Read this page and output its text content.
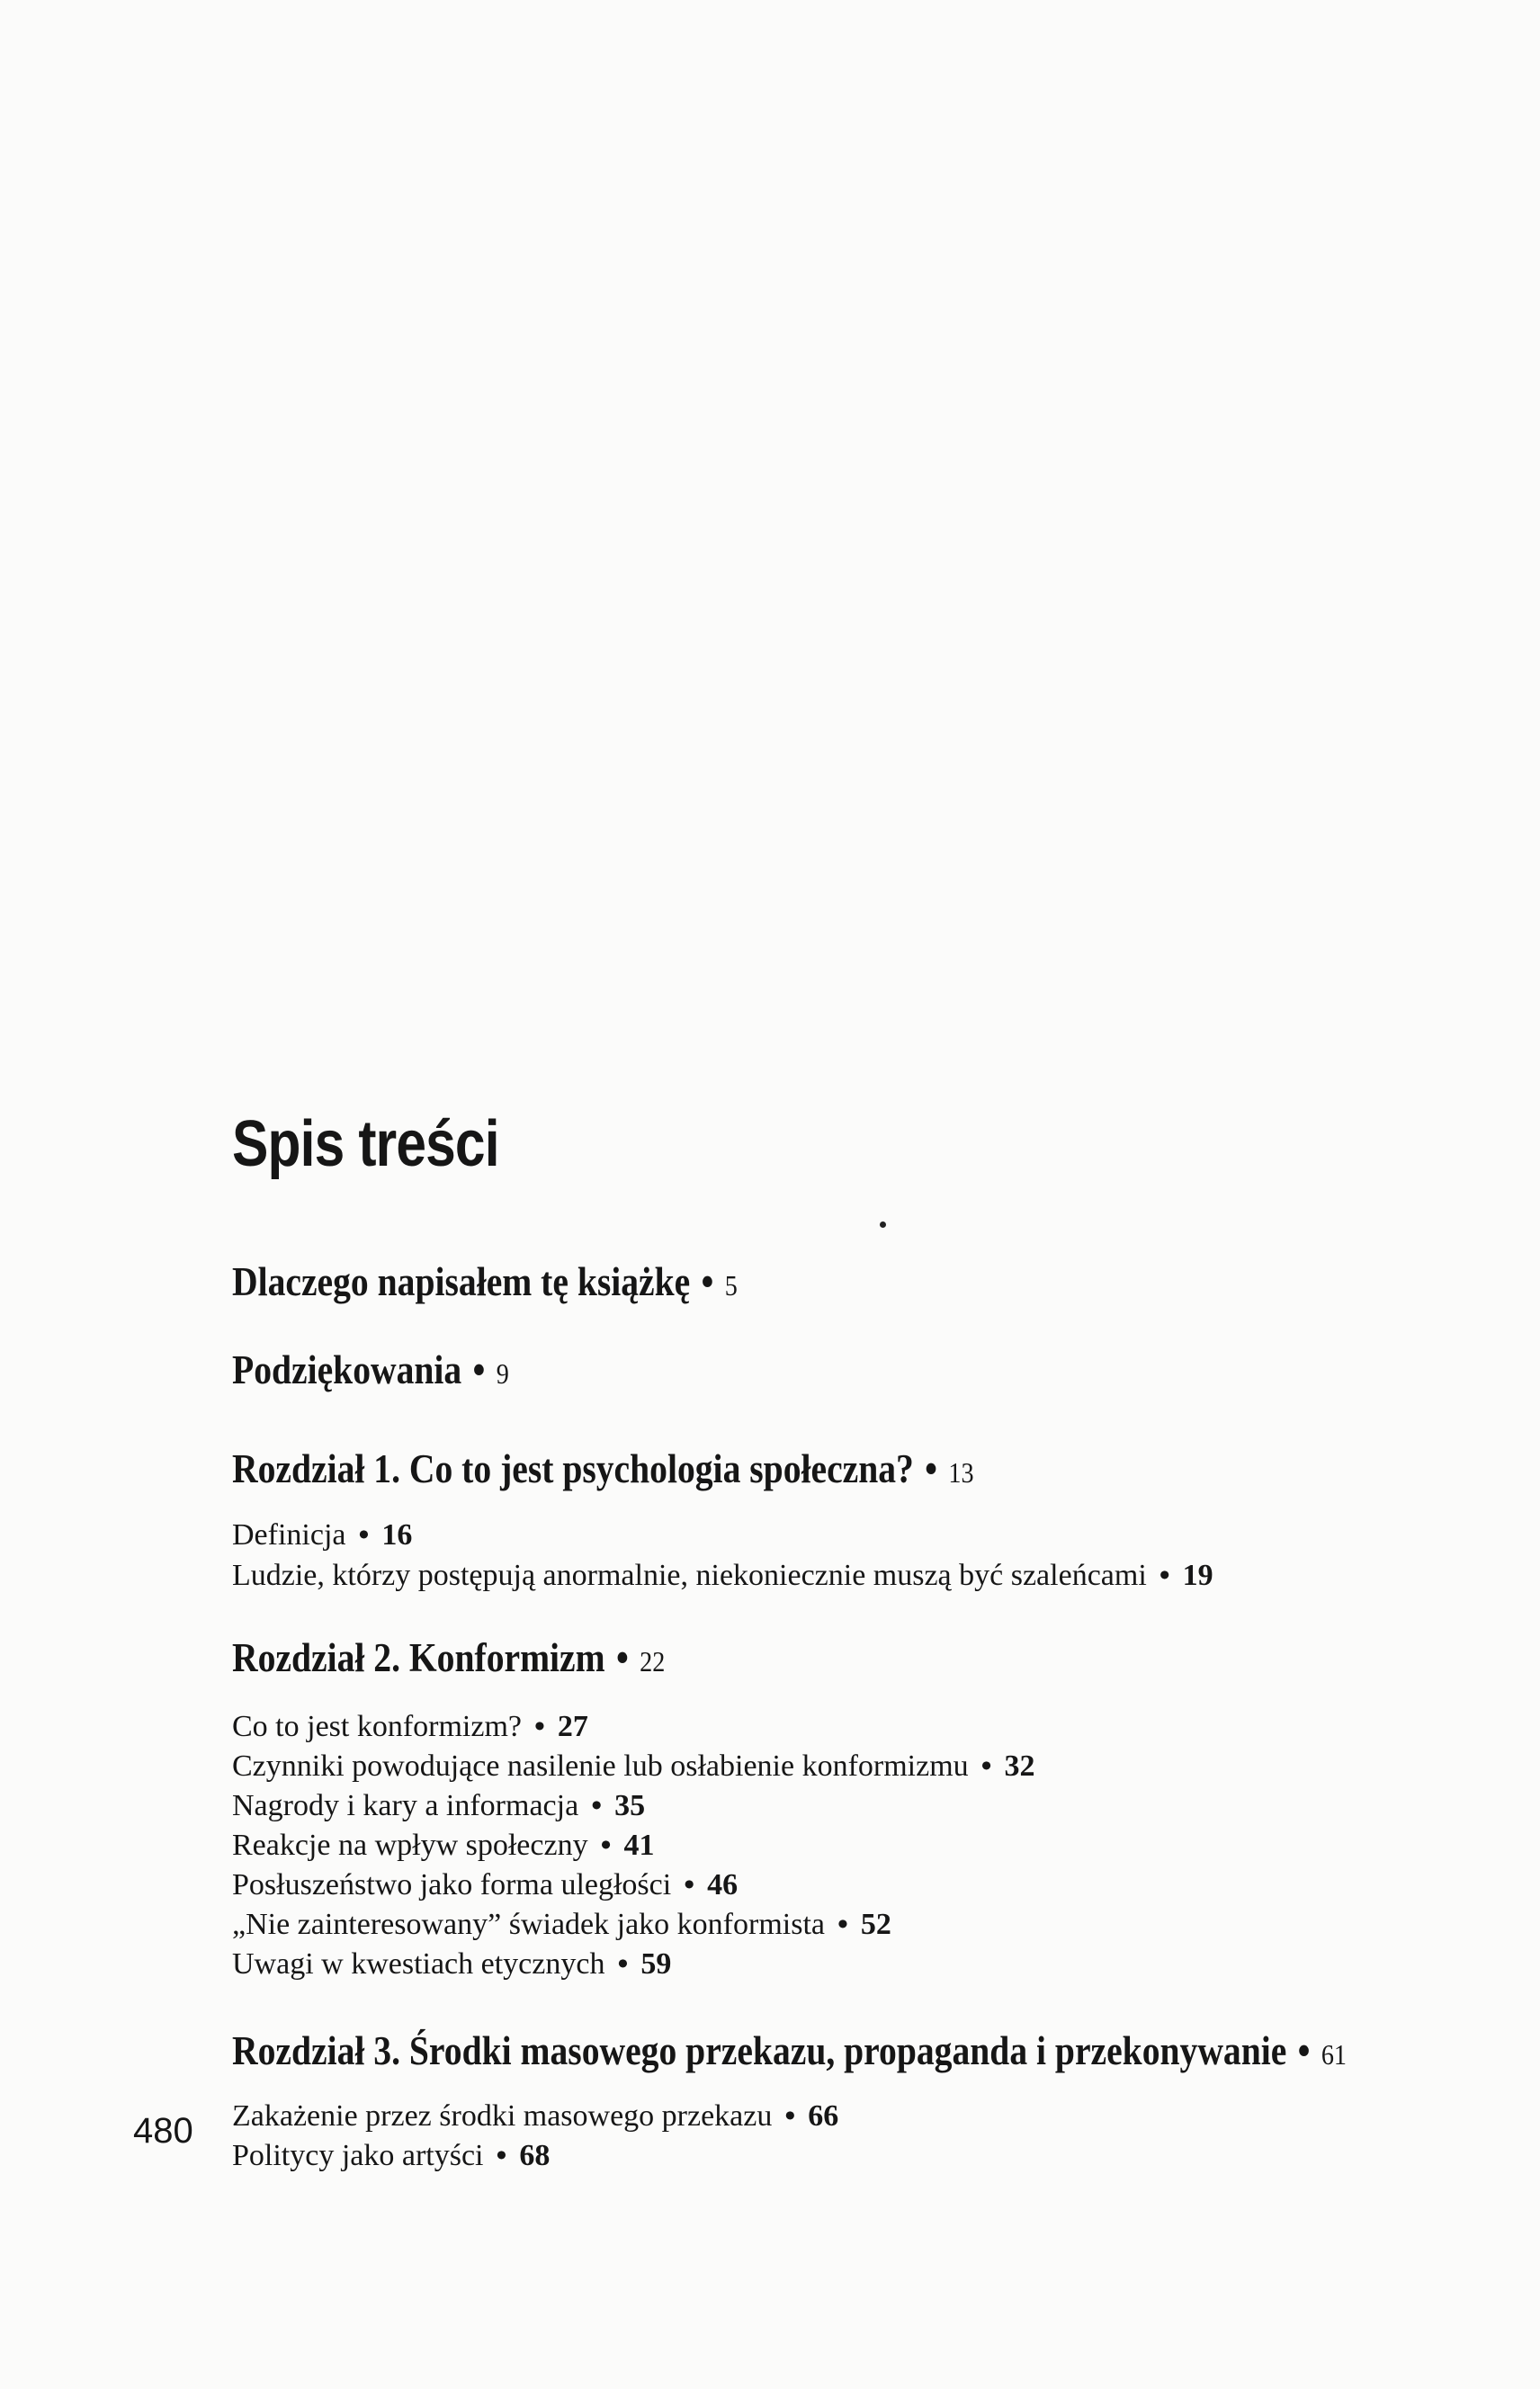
Spis treści
Dlaczego napisałem tę książkę • 5
Podziękowania • 9
Rozdział 1. Co to jest psychologia społeczna? • 13
Definicja • 16
Ludzie, którzy postępują anormalnie, niekoniecznie muszą być szaleńcami • 19
Rozdział 2. Konformizm • 22
Co to jest konformizm? • 27
Czynniki powodujące nasilenie lub osłabienie konformizmu • 32
Nagrody i kary a informacja • 35
Reakcje na wpływ społeczny • 41
Posłuszeństwo jako forma uległości • 46
„Nie zainteresowany” świadek jako konformista • 52
Uwagi w kwestiach etycznych • 59
Rozdział 3. Środki masowego przekazu, propaganda i przekonywanie • 61
Zakażenie przez środki masowego przekazu • 66
Politycy jako artyści • 68
480
